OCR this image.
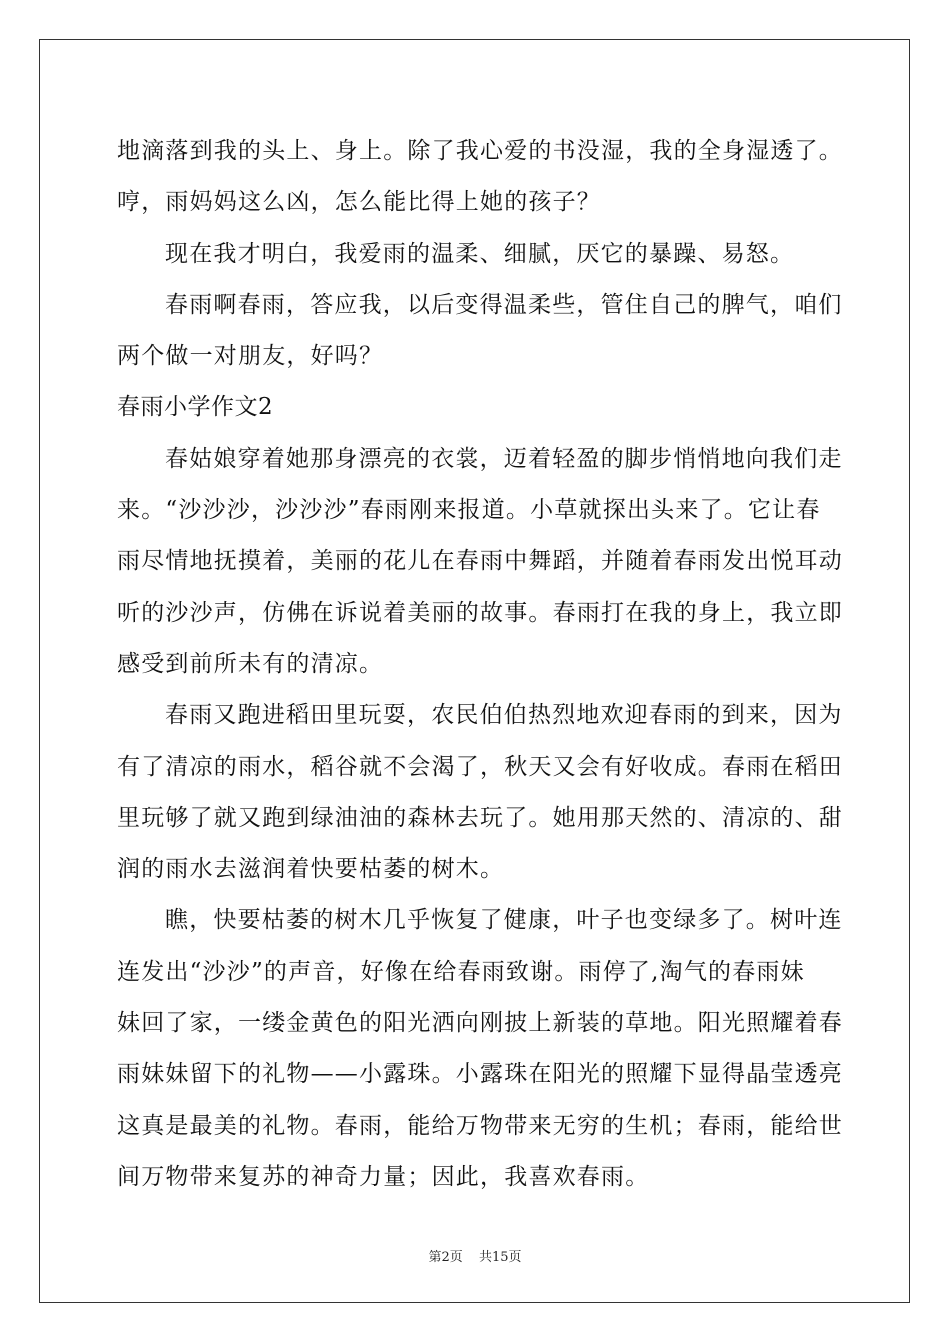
地滴落到我的头上、身上。除了我心爱的书没湿，我的全身湿透了。
哼，雨妈妈这么凶，怎么能比得上她的孩子？
现在我才明白，我爱雨的温柔、细腻，厌它的暴躁、易怒。
春雨啊春雨，答应我，以后变得温柔些，管住自己的脾气，咱们
两个做一对朋友，好吗？
春雨小学作文2
春姑娘穿着她那身漂亮的衣裳，迈着轻盈的脚步悄悄地向我们走
来。“沙沙沙，沙沙沙”春雨刚来报道。小草就探出头来了。它让春
雨尽情地抚摸着，美丽的花儿在春雨中舞蹈，并随着春雨发出悦耳动
听的沙沙声，仿佛在诉说着美丽的故事。春雨打在我的身上，我立即
感受到前所未有的清凉。
春雨又跑进稻田里玩耍，农民伯伯热烈地欢迎春雨的到来，因为
有了清凉的雨水，稻谷就不会渴了，秋天又会有好收成。春雨在稻田
里玩够了就又跑到绿油油的森林去玩了。她用那天然的、清凉的、甜
润的雨水去滋润着快要枯萎的树木。
瞧，快要枯萎的树木几乎恢复了健康，叶子也变绿多了。树叶连
连发出“沙沙”的声音，好像在给春雨致谢。雨停了,淘气的春雨妹
妹回了家，一缕金黄色的阳光洒向刚披上新装的草地。阳光照耀着春
雨妹妹留下的礼物——小露珠。小露珠在阳光的照耀下显得晶莹透亮
这真是最美的礼物。春雨，能给万物带来无穷的生机；春雨，能给世
间万物带来复苏的神奇力量；因此，我喜欢春雨。
第2页 共15页
